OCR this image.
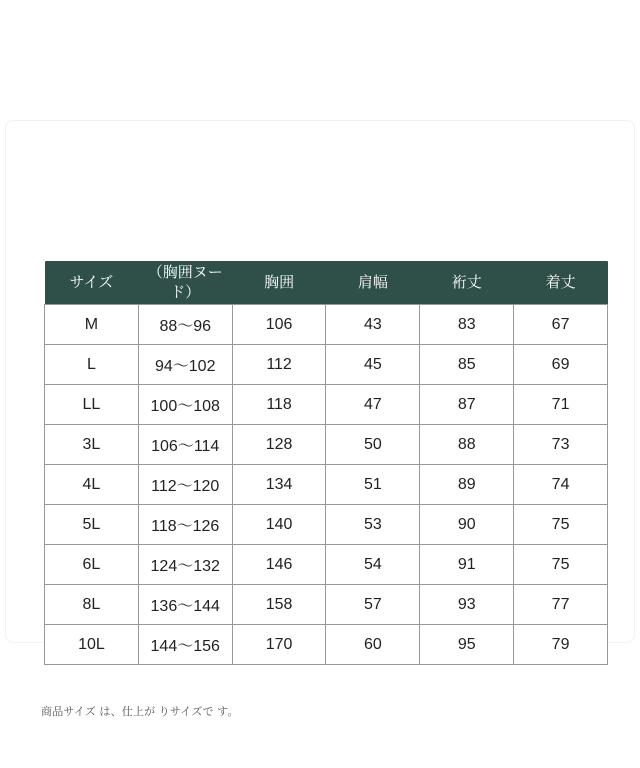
サイズ	（胸囲ヌード）	胸囲	肩幅	裄丈	着丈
M	88～96	106	43	83	67
L	94～102	112	45	85	69
LL	100～108	118	47	87	71
3L	106～114	128	50	88	73
4L	112～120	134	51	89	74
5L	118～126	140	53	90	75
6L	124～132	146	54	91	75
8L	136～144	158	57	93	77
10L	144～156	170	60	95	79
商品サイズ は、仕上が りサイズで す。
